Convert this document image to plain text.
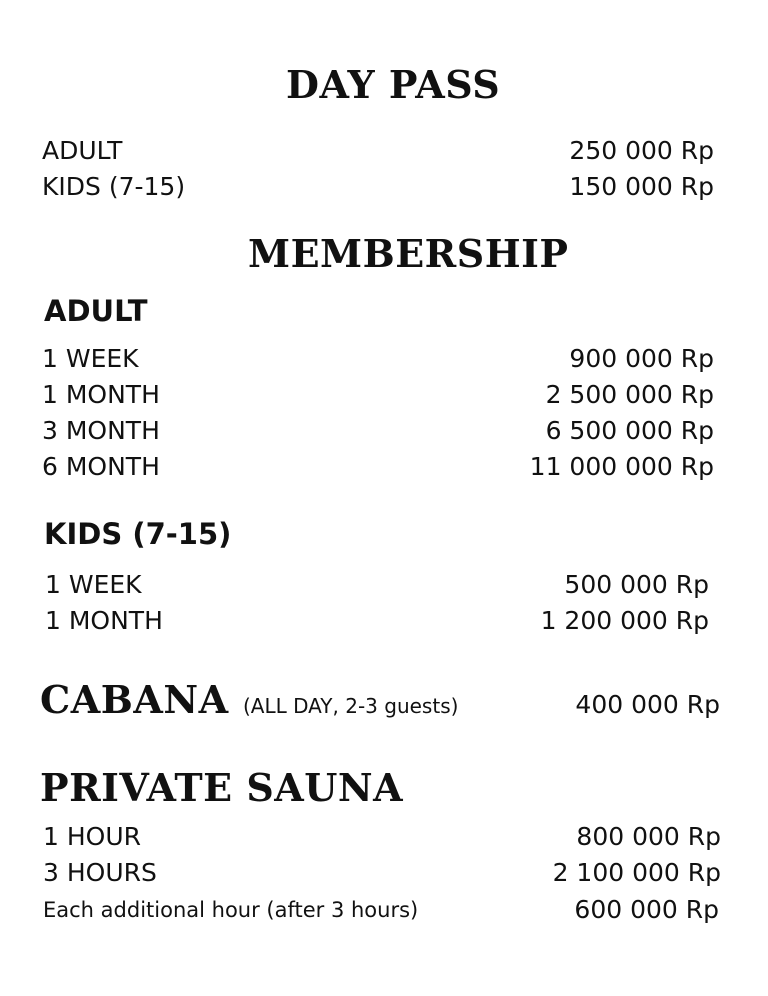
DAY PASS
ADULT	250 000 Rp
KIDS (7-15)	150 000 Rp
MEMBERSHIP
ADULT
1 WEEK	900 000 Rp
1 MONTH	2 500 000 Rp
3 MONTH	6 500 000 Rp
6 MONTH	11 000 000 Rp
KIDS (7-15)
1 WEEK	500 000 Rp
1 MONTH	1 200 000 Rp
CABANA (ALL DAY, 2-3 guests)	400 000 Rp
PRIVATE SAUNA
1 HOUR	800 000 Rp
3 HOURS	2 100 000 Rp
Each additional hour (after 3 hours)	600 000 Rp
